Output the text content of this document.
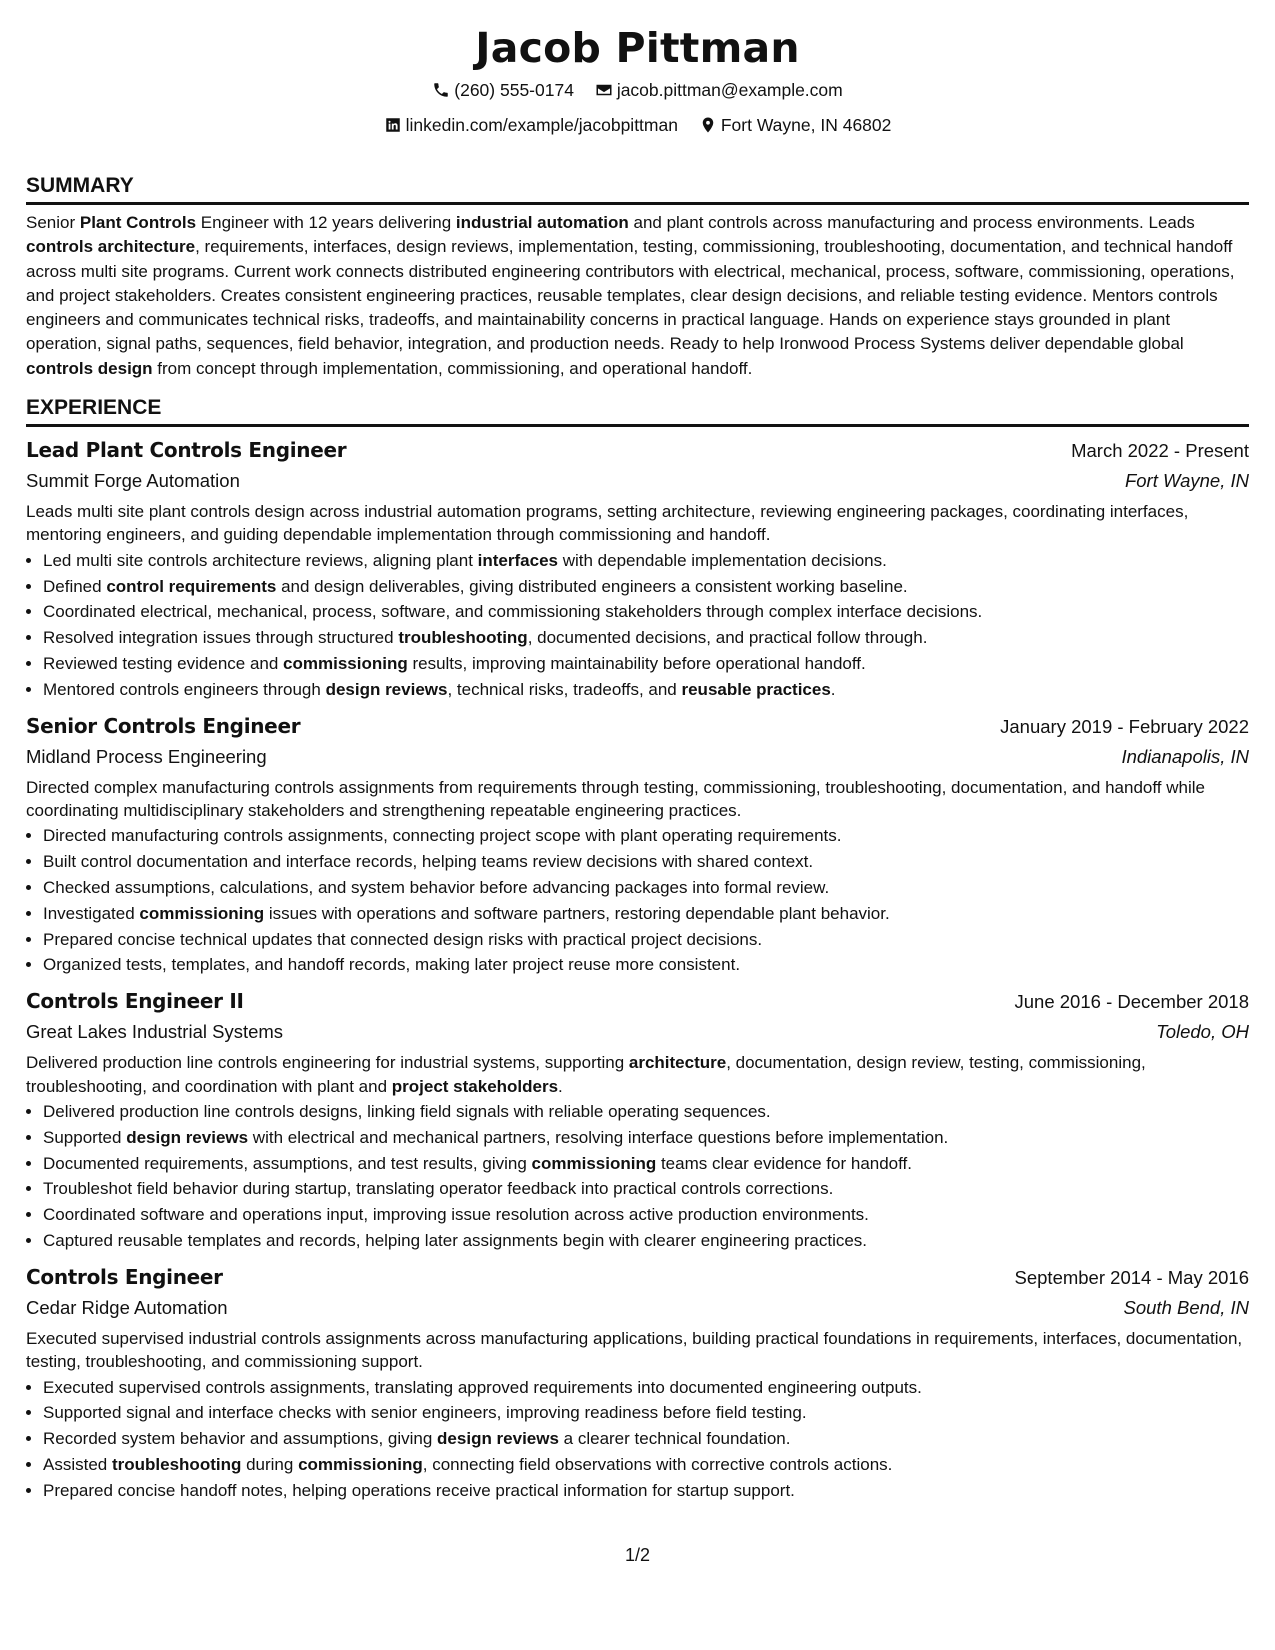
Jacob Pittman
(260) 555-0174
jacob.pittman@example.com
linkedin.com/example/jacobpittman
Fort Wayne, IN 46802
SUMMARY
Senior Plant Controls Engineer with 12 years delivering industrial automation and plant controls across manufacturing and process environments. Leads controls architecture, requirements, interfaces, design reviews, implementation, testing, commissioning, troubleshooting, documentation, and technical handoff across multi site programs. Current work connects distributed engineering contributors with electrical, mechanical, process, software, commissioning, operations, and project stakeholders. Creates consistent engineering practices, reusable templates, clear design decisions, and reliable testing evidence. Mentors controls engineers and communicates technical risks, tradeoffs, and maintainability concerns in practical language. Hands on experience stays grounded in plant operation, signal paths, sequences, field behavior, integration, and production needs. Ready to help Ironwood Process Systems deliver dependable global controls design from concept through implementation, commissioning, and operational handoff.
EXPERIENCE
Lead Plant Controls Engineer	March 2022 - Present
Summit Forge Automation	Fort Wayne, IN
Leads multi site plant controls design across industrial automation programs, setting architecture, reviewing engineering packages, coordinating interfaces, mentoring engineers, and guiding dependable implementation through commissioning and handoff.
• Led multi site controls architecture reviews, aligning plant interfaces with dependable implementation decisions.
• Defined control requirements and design deliverables, giving distributed engineers a consistent working baseline.
• Coordinated electrical, mechanical, process, software, and commissioning stakeholders through complex interface decisions.
• Resolved integration issues through structured troubleshooting, documented decisions, and practical follow through.
• Reviewed testing evidence and commissioning results, improving maintainability before operational handoff.
• Mentored controls engineers through design reviews, technical risks, tradeoffs, and reusable practices.
Senior Controls Engineer	January 2019 - February 2022
Midland Process Engineering	Indianapolis, IN
Directed complex manufacturing controls assignments from requirements through testing, commissioning, troubleshooting, documentation, and handoff while coordinating multidisciplinary stakeholders and strengthening repeatable engineering practices.
• Directed manufacturing controls assignments, connecting project scope with plant operating requirements.
• Built control documentation and interface records, helping teams review decisions with shared context.
• Checked assumptions, calculations, and system behavior before advancing packages into formal review.
• Investigated commissioning issues with operations and software partners, restoring dependable plant behavior.
• Prepared concise technical updates that connected design risks with practical project decisions.
• Organized tests, templates, and handoff records, making later project reuse more consistent.
Controls Engineer II	June 2016 - December 2018
Great Lakes Industrial Systems	Toledo, OH
Delivered production line controls engineering for industrial systems, supporting architecture, documentation, design review, testing, commissioning, troubleshooting, and coordination with plant and project stakeholders.
• Delivered production line controls designs, linking field signals with reliable operating sequences.
• Supported design reviews with electrical and mechanical partners, resolving interface questions before implementation.
• Documented requirements, assumptions, and test results, giving commissioning teams clear evidence for handoff.
• Troubleshot field behavior during startup, translating operator feedback into practical controls corrections.
• Coordinated software and operations input, improving issue resolution across active production environments.
• Captured reusable templates and records, helping later assignments begin with clearer engineering practices.
Controls Engineer	September 2014 - May 2016
Cedar Ridge Automation	South Bend, IN
Executed supervised industrial controls assignments across manufacturing applications, building practical foundations in requirements, interfaces, documentation, testing, troubleshooting, and commissioning support.
• Executed supervised controls assignments, translating approved requirements into documented engineering outputs.
• Supported signal and interface checks with senior engineers, improving readiness before field testing.
• Recorded system behavior and assumptions, giving design reviews a clearer technical foundation.
• Assisted troubleshooting during commissioning, connecting field observations with corrective controls actions.
• Prepared concise handoff notes, helping operations receive practical information for startup support.
1/2
